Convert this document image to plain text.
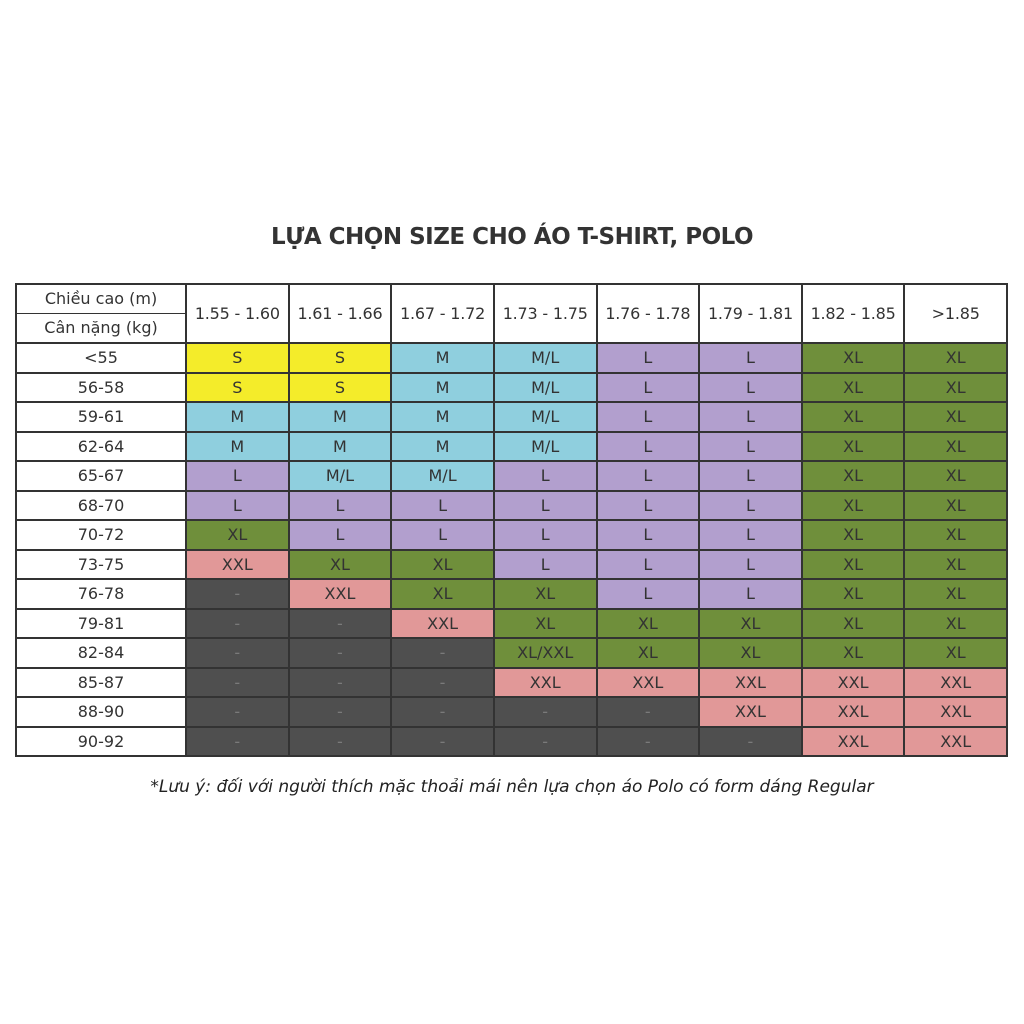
LỰA CHỌN SIZE CHO ÁO T-SHIRT, POLO
Chiều cao (m)
Cân nặng (kg)	1.55 - 1.60	1.61 - 1.66	1.67 - 1.72	1.73 - 1.75	1.76 - 1.78	1.79 - 1.81	1.82 - 1.85	>1.85
<55	S	S	M	M/L	L	L	XL	XL
56-58	S	S	M	M/L	L	L	XL	XL
59-61	M	M	M	M/L	L	L	XL	XL
62-64	M	M	M	M/L	L	L	XL	XL
65-67	L	M/L	M/L	L	L	L	XL	XL
68-70	L	L	L	L	L	L	XL	XL
70-72	XL	L	L	L	L	L	XL	XL
73-75	XXL	XL	XL	L	L	L	XL	XL
76-78	-	XXL	XL	XL	L	L	XL	XL
79-81	-	-	XXL	XL	XL	XL	XL	XL
82-84	-	-	-	XL/XXL	XL	XL	XL	XL
85-87	-	-	-	XXL	XXL	XXL	XXL	XXL
88-90	-	-	-	-	-	XXL	XXL	XXL
90-92	-	-	-	-	-	-	XXL	XXL
*Lưu ý: đối với người thích mặc thoải mái nên lựa chọn áo Polo có form dáng Regular
